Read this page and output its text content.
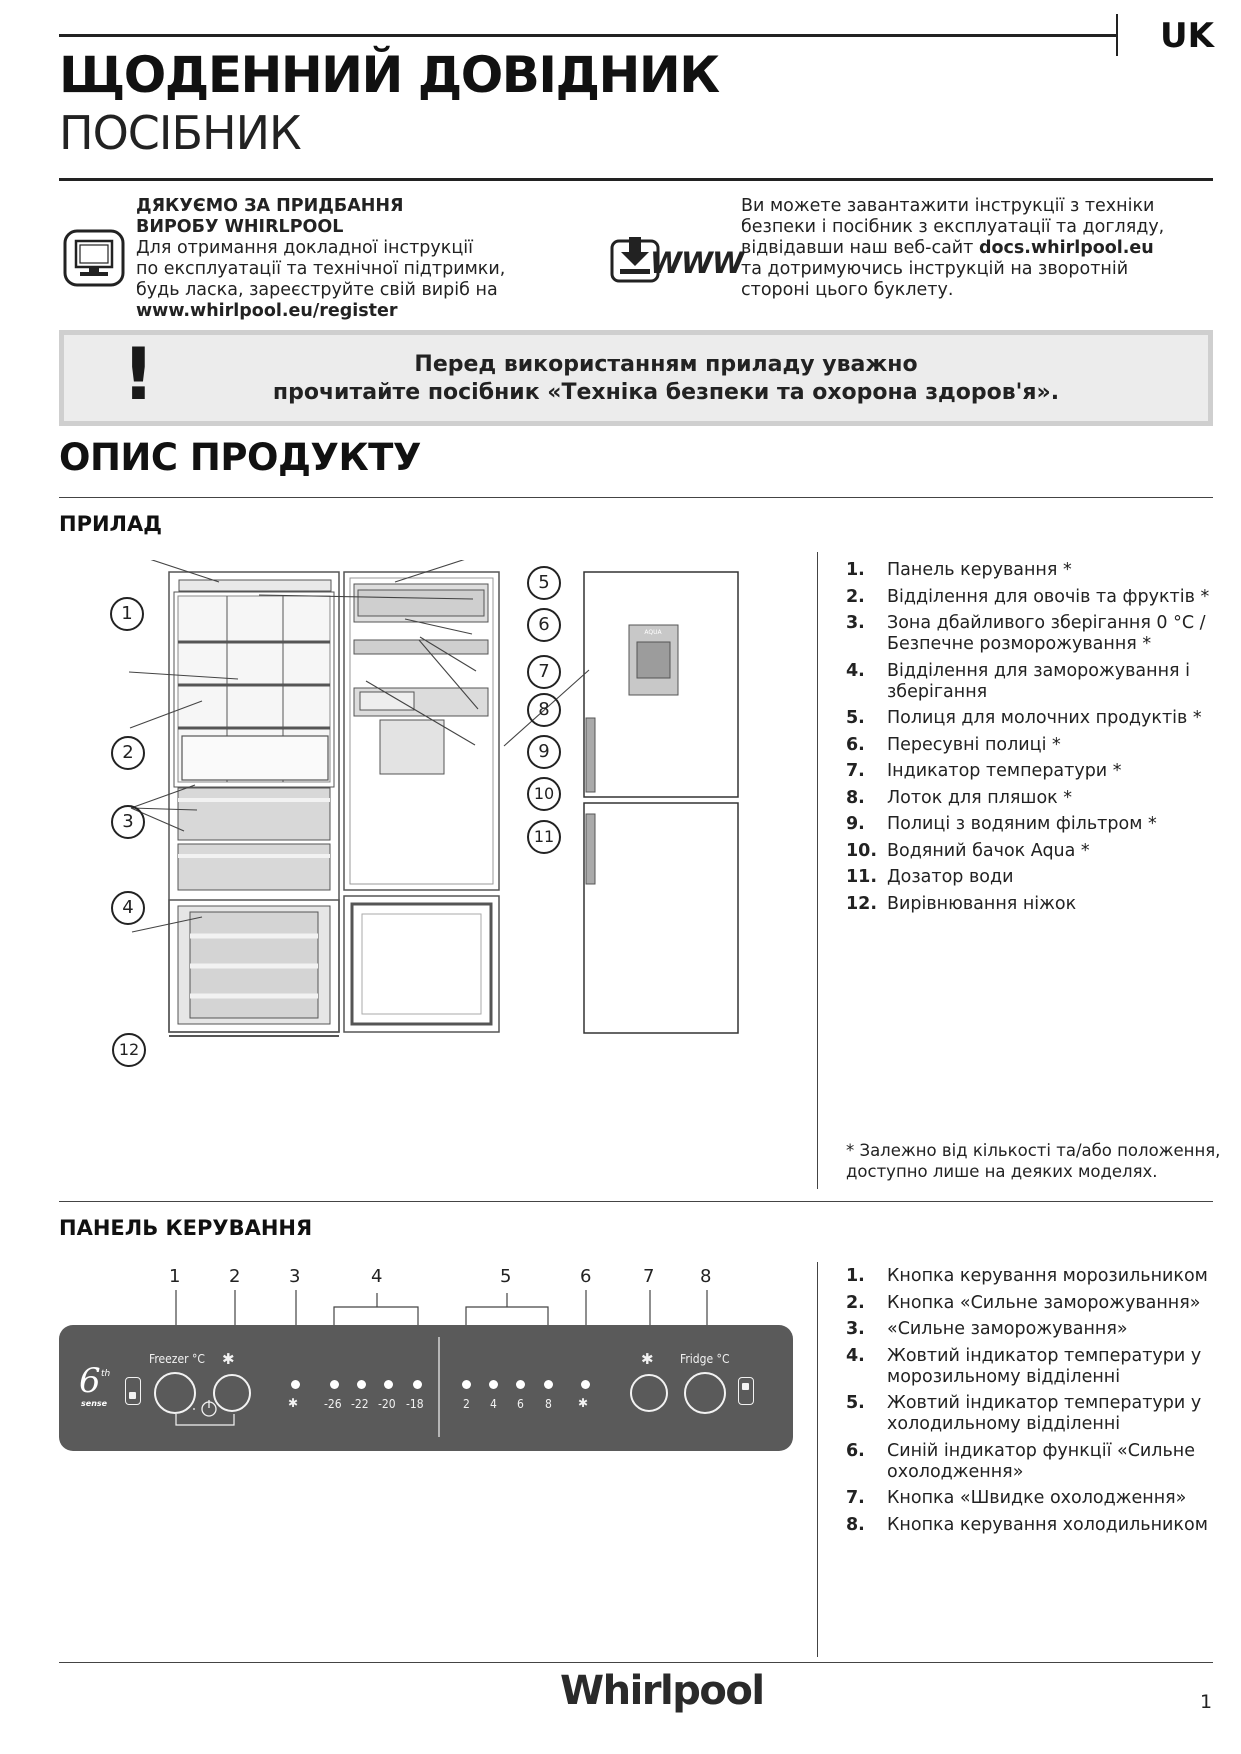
UK
ЩОДЕННИЙ ДОВІДНИК
ПОСІБНИК
ДЯКУЄМО ЗА ПРИДБАННЯ
ВИРОБУ WHIRLPOOL
Для отримання докладної інструкції
по експлуатації та технічної підтримки,
будь ласка, зареєструйте свій виріб на
www.whirlpool.eu/register
WWW
Ви можете завантажити інструкції з техніки
безпеки і посібник з експлуатації та догляду,
відвідавши наш веб-сайт docs.whirlpool.eu
та дотримуючись інструкцій на зворотній
стороні цього буклету.
!	Перед використанням приладу уважно
прочитайте посібник «Техніка безпеки та охорона здоров'я».
ОПИС ПРОДУКТУ
ПРИЛАД
AQUA
1
2
3
4
5
6
7
8
9
10
11
12
1. Панель керування *
2. Відділення для овочів та фруктів *
3. Зона дбайливого зберігання 0 °C / Безпечне розморожування *
4. Відділення для заморожування і зберігання
5. Полиця для молочних продуктів *
6. Пересувні полиці *
7. Індикатор температури *
8. Лоток для пляшок *
9. Полиці з водяним фільтром *
10. Водяний бачок Aqua *
11. Дозатор води
12. Вирівнювання ніжок
* Залежно від кількості та/або положення, доступно лише на деяких моделях.
ПАНЕЛЬ КЕРУВАННЯ
1	2	3	4	5	6	7	8
6 th
sense
Freezer °C ✱
✱ -26 -22 -20 -18	2 4 6 8 ✱
✱ Fridge °C
1. Кнопка керування морозильником
2. Кнопка «Сильне заморожування»
3. «Сильне заморожування»
4. Жовтий індикатор температури у морозильному відділенні
5. Жовтий індикатор температури у холодильному відділенні
6. Синій індикатор функції «Сильне охолодження»
7. Кнопка «Швидке охолодження»
8. Кнопка керування холодильником
Whirlpool	1
